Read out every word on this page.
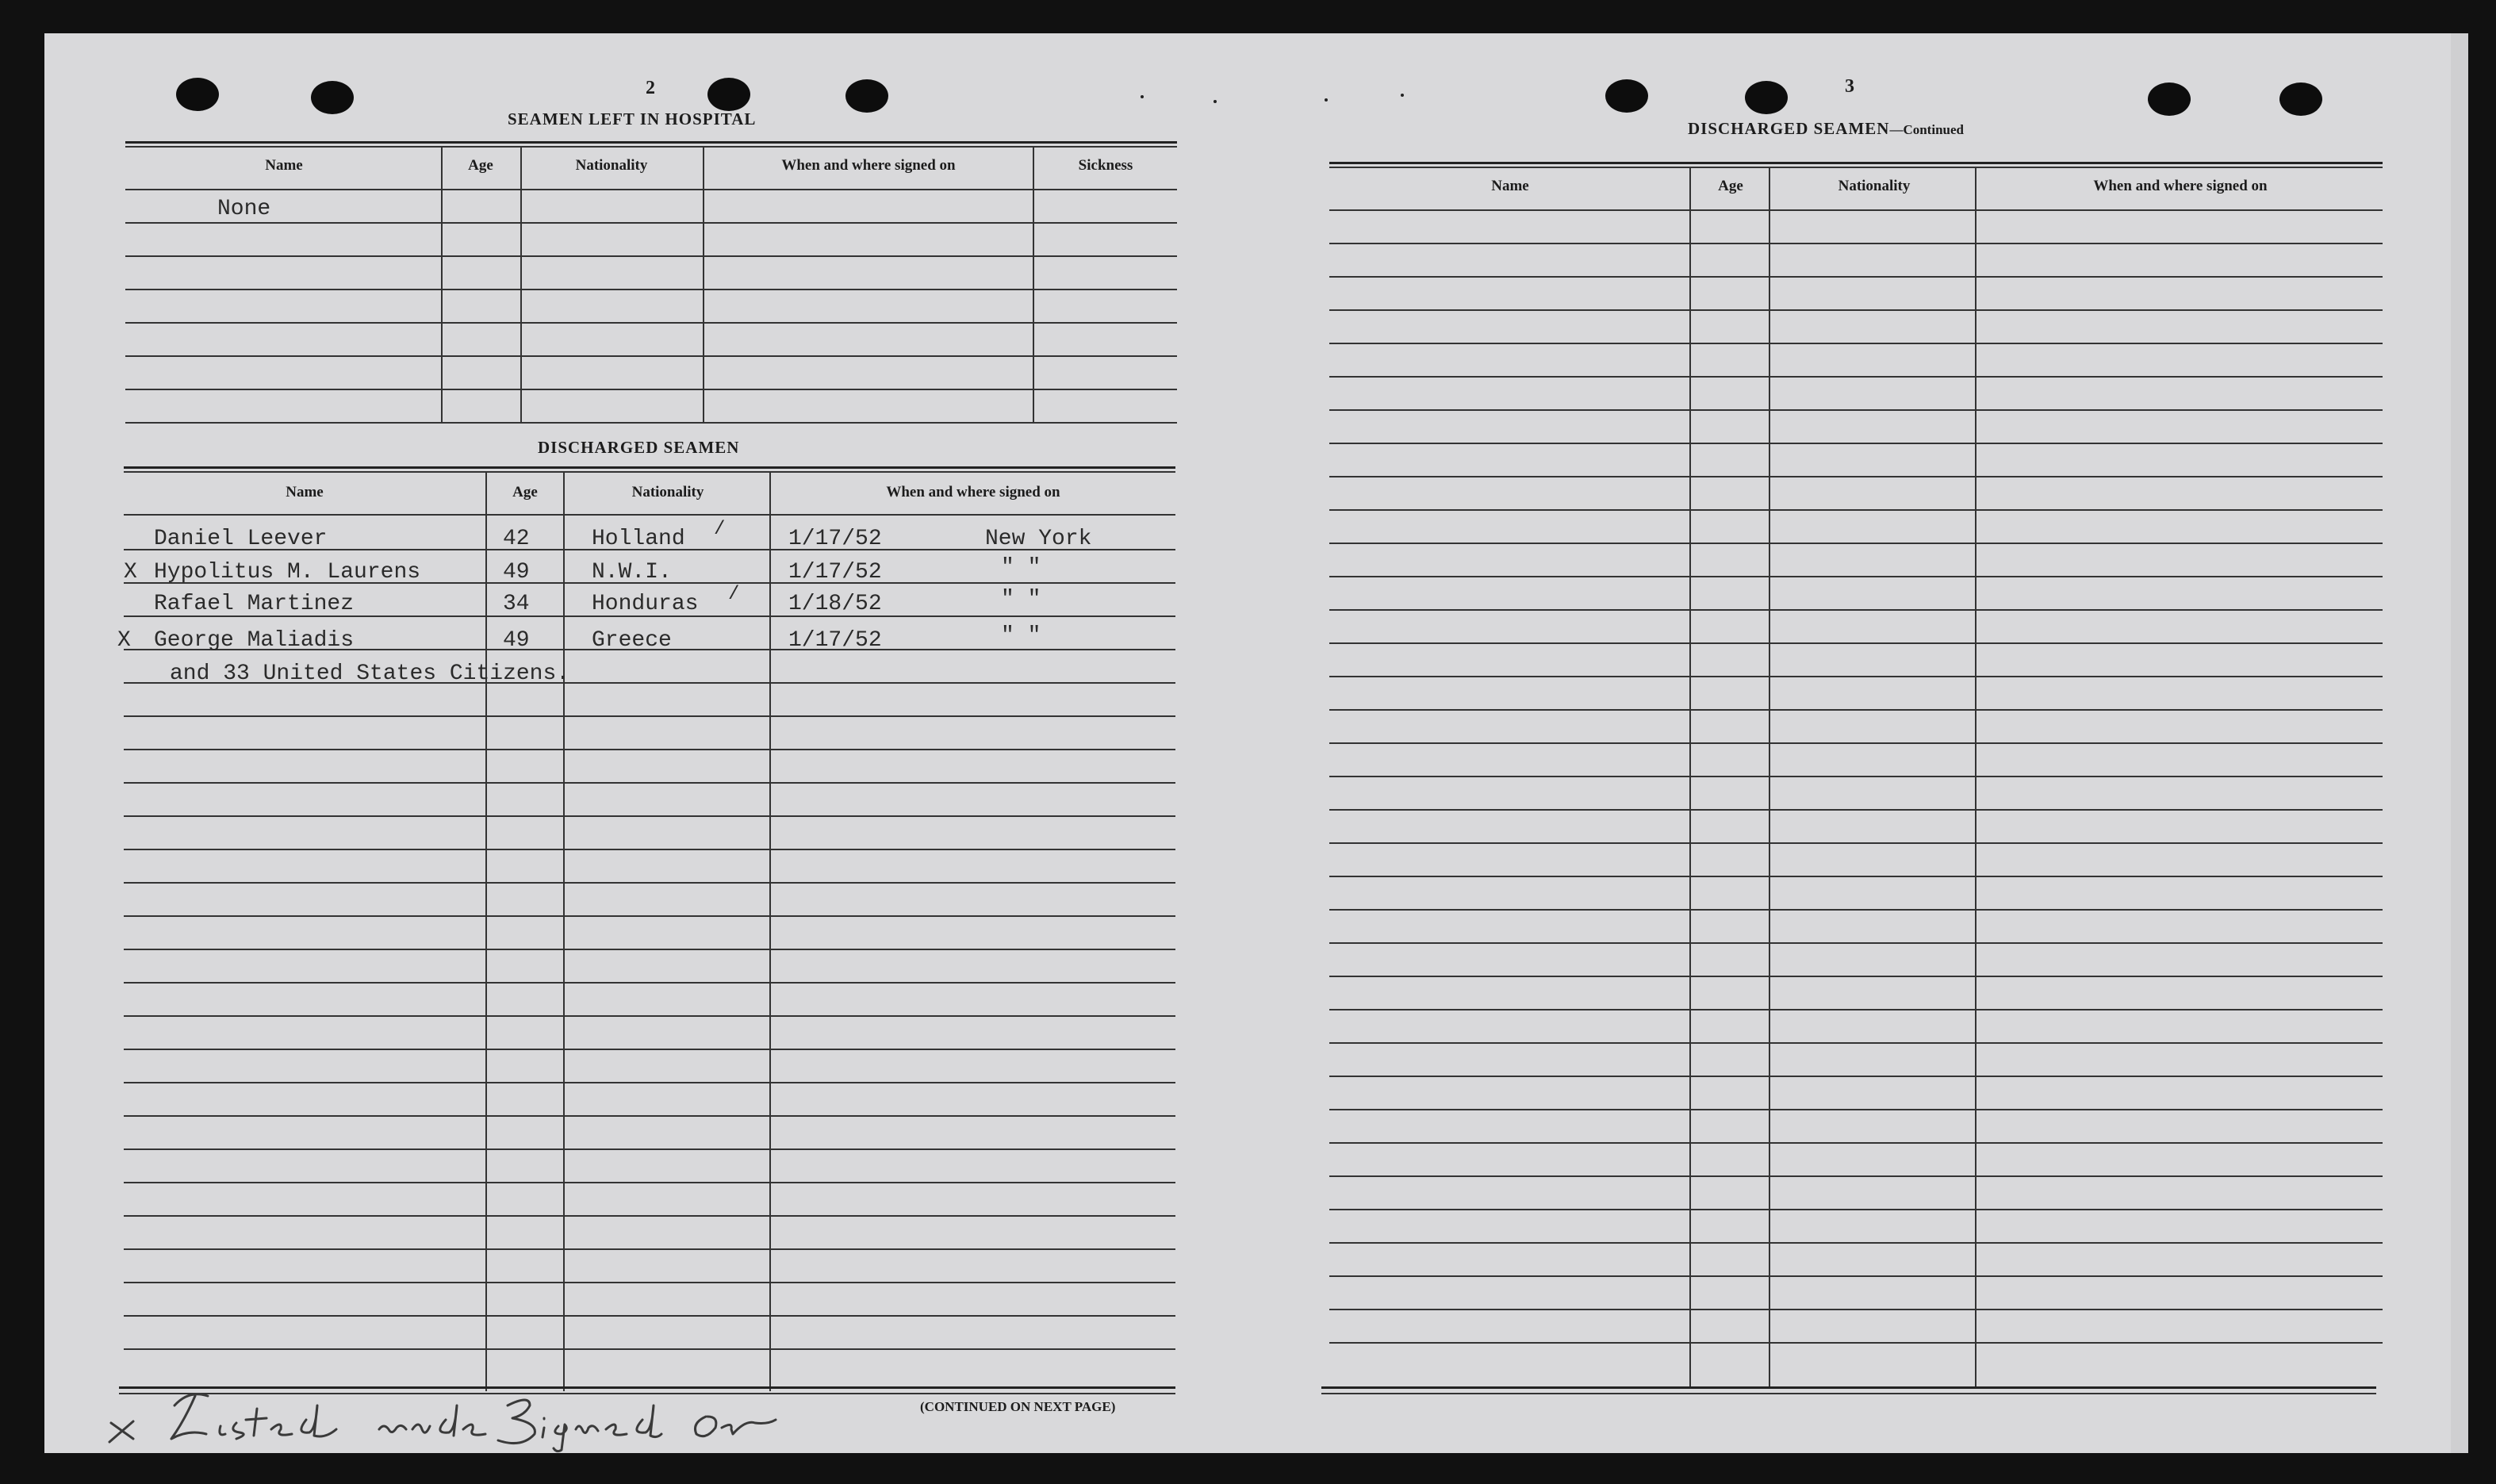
2
SEAMEN LEFT IN HOSPITAL
Name	Age	Nationality	When and where signed on	Sickness
None
DISCHARGED SEAMEN
Name	Age	Nationality	When and where signed on
Daniel Leever	42	Holland /	1/17/52	New York
X Hypolitus M. Laurens	49	N.W.I.	1/17/52	" "
Rafael Martinez	34	Honduras / 1/18/52	" "
X George Maliadis	49	Greece	1/17/52	" "
and 33 United States Citizens.
(CONTINUED ON NEXT PAGE)
3
DISCHARGED SEAMEN—Continued
Name	Age	Nationality	When and where signed on
